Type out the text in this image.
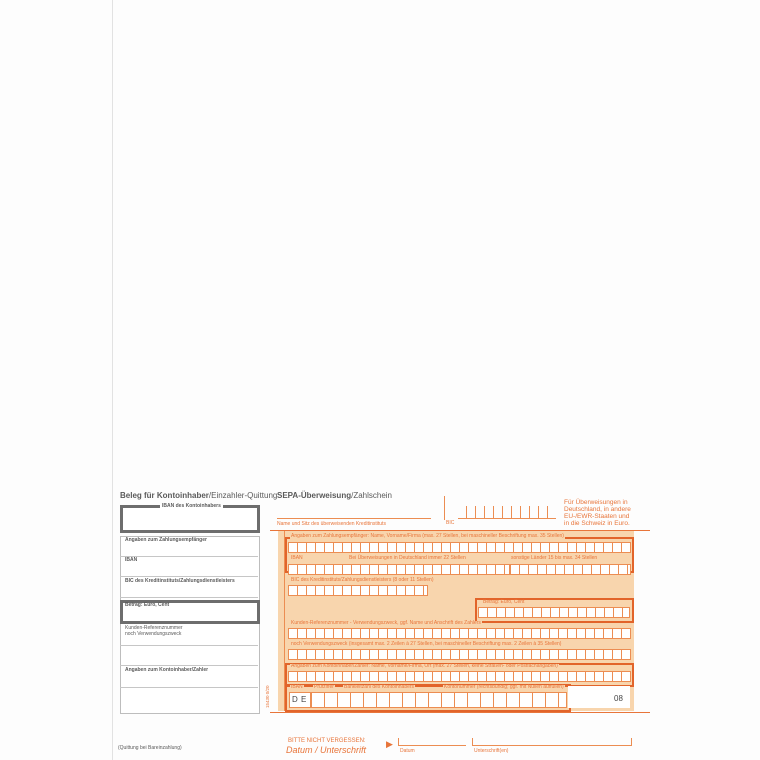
Beleg für Kontoinhaber/Einzahler-Quittung
IBAN des Kontoinhabers
Angaben zum Zahlungsempfänger
IBAN
BIC des Kreditinstituts/Zahlungsdienstleisters
Betrag: Euro, Cent
Kunden-Referenznummer
noch Verwendungszweck
Angaben zum Kontoinhaber/Zahler
(Quittung bei Bareinzahlung)
SEPA-Überweisung/Zahlschein
Name und Sitz des überweisenden Kreditinstituts	BIC
Für Überweisungen in
Deutschland, in andere
EU-/EWR-Staaten und
in die Schweiz in Euro.
Angaben zum Zahlungsempfänger: Name, Vorname/Firma (max. 27 Stellen, bei maschineller Beschriftung max. 35 Stellen)
IBAN	Bei Überweisungen in Deutschland immer 22 Stellen	sonstige Länder 15 bis max. 34 Stellen
BIC des Kreditinstituts/Zahlungsdienstleisters (8 oder 11 Stellen)
Betrag: Euro, Cent
Kunden-Referenznummer - Verwendungszweck, ggf. Name und Anschrift des Zahlers
noch Verwendungszweck (insgesamt max. 2 Zeilen à 27 Stellen, bei maschineller Beschriftung max. 2 Zeilen à 35 Stellen)
Angaben zum Kontoinhaber/Zahler: Name, Vorname/Firma, Ort (max. 27 Stellen, keine Straßen- oder Postfachangaben)
IBAN Prüfziffer Bankleitzahl des Kontoinhabers	Kontonummer (rechtsbündig; ggf. mit Nullen auffüllen)
D E	08
15430 0/20
BITTE NICHT VERGESSEN:
Datum / Unterschrift
▶
Datum	Unterschrift(en)
